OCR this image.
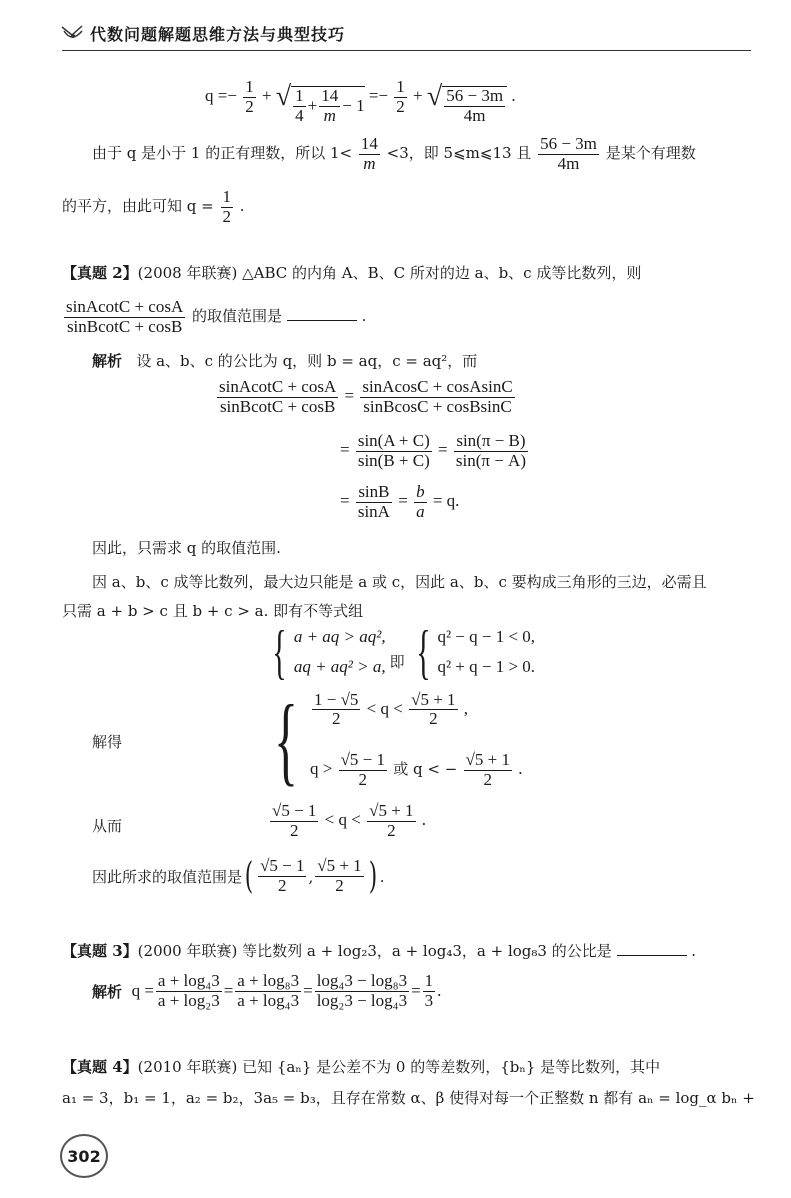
代数问题解题思维方法与典型技巧
$q =- \frac{1}{2}$ + √ $\frac{1}{4} + \frac{14}{m} - 1$
=− $\frac{1}{2}$ + √ $\frac{56 - 3m}{4m}$ .
由于 q 是小于 1 的正有理数，所以 $1< \frac{14}{m} <3$，即 5⩽m⩽13 且 $\frac{56 - 3m}{4m}$ 是某个有理数
的平方，由此可知 $q = \frac{1}{2}$ .
【真题 2】(2008 年联赛) △ABC 的内角 A、B、C 所对的边 a、b、c 成等比数列，则
$\frac{\text{sinAcotC + cosA}}{\text{sinBcotC + cosB}}$ 的取值范围是	.
解析 设 a、b、c 的公比为 q，则 b = aq，c = aq²，而
$\frac{\text{sinAcotC + cosA}}{\text{sinBcotC + cosB}} = \frac{\text{sinAcosC + cosAsinC}}{\text{sinBcosC + cosBsinC}}$
= $\frac{\sin(A + C)}{\sin(B + C)} = \frac{\sin(\pi - B)}{\sin(\pi - A)}$
= $\frac{\sin B}{\sin A} = \frac{b}{a} = q$.
因此，只需求 q 的取值范围.
因 a、b、c 成等比数列，最大边只能是 a 或 c，因此 a、b、c 要构成三角形的三边，必需且
只需 a + b > c 且 b + c > a. 即有不等式组
{ a + aq > aq²,
aq + aq² > a, 即 { q² − q − 1 < 0,
q² + q − 1 > 0.
解得 { $\frac{1 - √5}{2} < q < \frac{√5 + 1}{2}$ ,
$q > \frac{√5 - 1}{2}$ 或 q < − $\frac{√5 + 1}{2}$ .
从而	$\frac{√5 - 1}{2} < q < \frac{√5 + 1}{2}$ .
因此所求的取值范围是 ( $\frac{√5 - 1}{2}$ , $\frac{√5 + 1}{2}$ ) .
【真题 3】(2000 年联赛) 等比数列 a + log₂3，a + log₄3，a + log₈3 的公比是	.
解析
$q = \frac{\text{a + log₄3}}{\text{a + log₂3}} = \frac{\text{a + log₈3}}{\text{a + log₄3}} = \frac{\text{log₄3 − log₈3}}{\text{log₂3 − log₄3}} = \frac{1}{3}$ .
【真题 4】(2010 年联赛) 已知 {aₙ} 是公差不为 0 的等差数列，{bₙ} 是等比数列，其中
a₁ = 3，b₁ = 1，a₂ = b₂，3a₅ = b₃，且存在常数 α、β 使得对每一个正整数 n 都有 aₙ = log_α bₙ +
302
